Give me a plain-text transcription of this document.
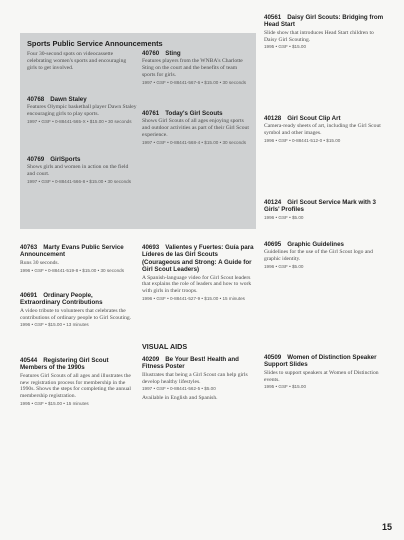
Sports Public Service Announcements
Four 30-second spots on videocassette celebrating women's sports and encouraging girls to get involved.
40768 Dawn Staley
Features Olympic basketball player Dawn Staley encouraging girls to play sports.
1997 • GSF • 0-88441-565-X • $15.00 • 30 seconds
40769 GirlSports
Shows girls and women in action on the field and court.
1997 • GSF • 0-88441-566-8 • $15.00 • 30 seconds
40760 Sting
Features players from the WNBA's Charlotte Sting on the court and the benefits of team sports for girls.
1997 • GSF • 0-88441-567-6 • $15.00 • 30 seconds
40761 Today's Girl Scouts
Shows Girl Scouts of all ages enjoying sports and outdoor activities as part of their Girl Scout experience.
1997 • GSF • 0-88441-568-4 • $15.00 • 30 seconds
40763 Marty Evans Public Service Announcement
Runs 30 seconds.
1996 • GSF • 0-88441-519-8 • $15.00 • 30 seconds
40691 Ordinary People, Extraordinary Contributions
A video tribute to volunteers that celebrates the contributions of ordinary people to Girl Scouting.
1996 • GSF • $15.00 • 13 minutes
40544 Registering Girl Scout Members of the 1990s
Features Girl Scouts of all ages and illustrates the new registration process for membership in the 1990s. Shows the steps for completing the annual membership registration.
1995 • GSF • $15.00 • 15 minutes
40693 Valientes y Fuertes: Guía para Líderes de las Girl Scouts (Courageous and Strong: A Guide for Girl Scout Leaders)
A Spanish-language video for Girl Scout leaders that explains the role of leaders and how to work with girls in their troops.
1996 • GSF • 0-88441-527-9 • $15.00 • 15 minutes
VISUAL AIDS
40209 Be Your Best! Health and Fitness Poster
Illustrates that being a Girl Scout can help girls develop healthy lifestyles.
1997 • GSF • 0-88441-562-5 • $5.00
Available in English and Spanish.
40561 Daisy Girl Scouts: Bridging from Head Start
Slide show that introduces Head Start children to Daisy Girl Scouting.
1995 • GSF • $15.00
40128 Girl Scout Clip Art
Camera-ready sheets of art, including the Girl Scout symbol and other images.
1996 • GSF • 0-88441-512-0 • $15.00
40124 Girl Scout Service Mark with 3 Girls' Profiles
1996 • GSF • $5.00
40695 Graphic Guidelines
Guidelines for the use of the Girl Scout logo and graphic identity.
1996 • GSF • $5.00
40509 Women of Distinction Speaker Support Slides
Slides to support speakers at Women of Distinction events.
1995 • GSF • $15.00
15
